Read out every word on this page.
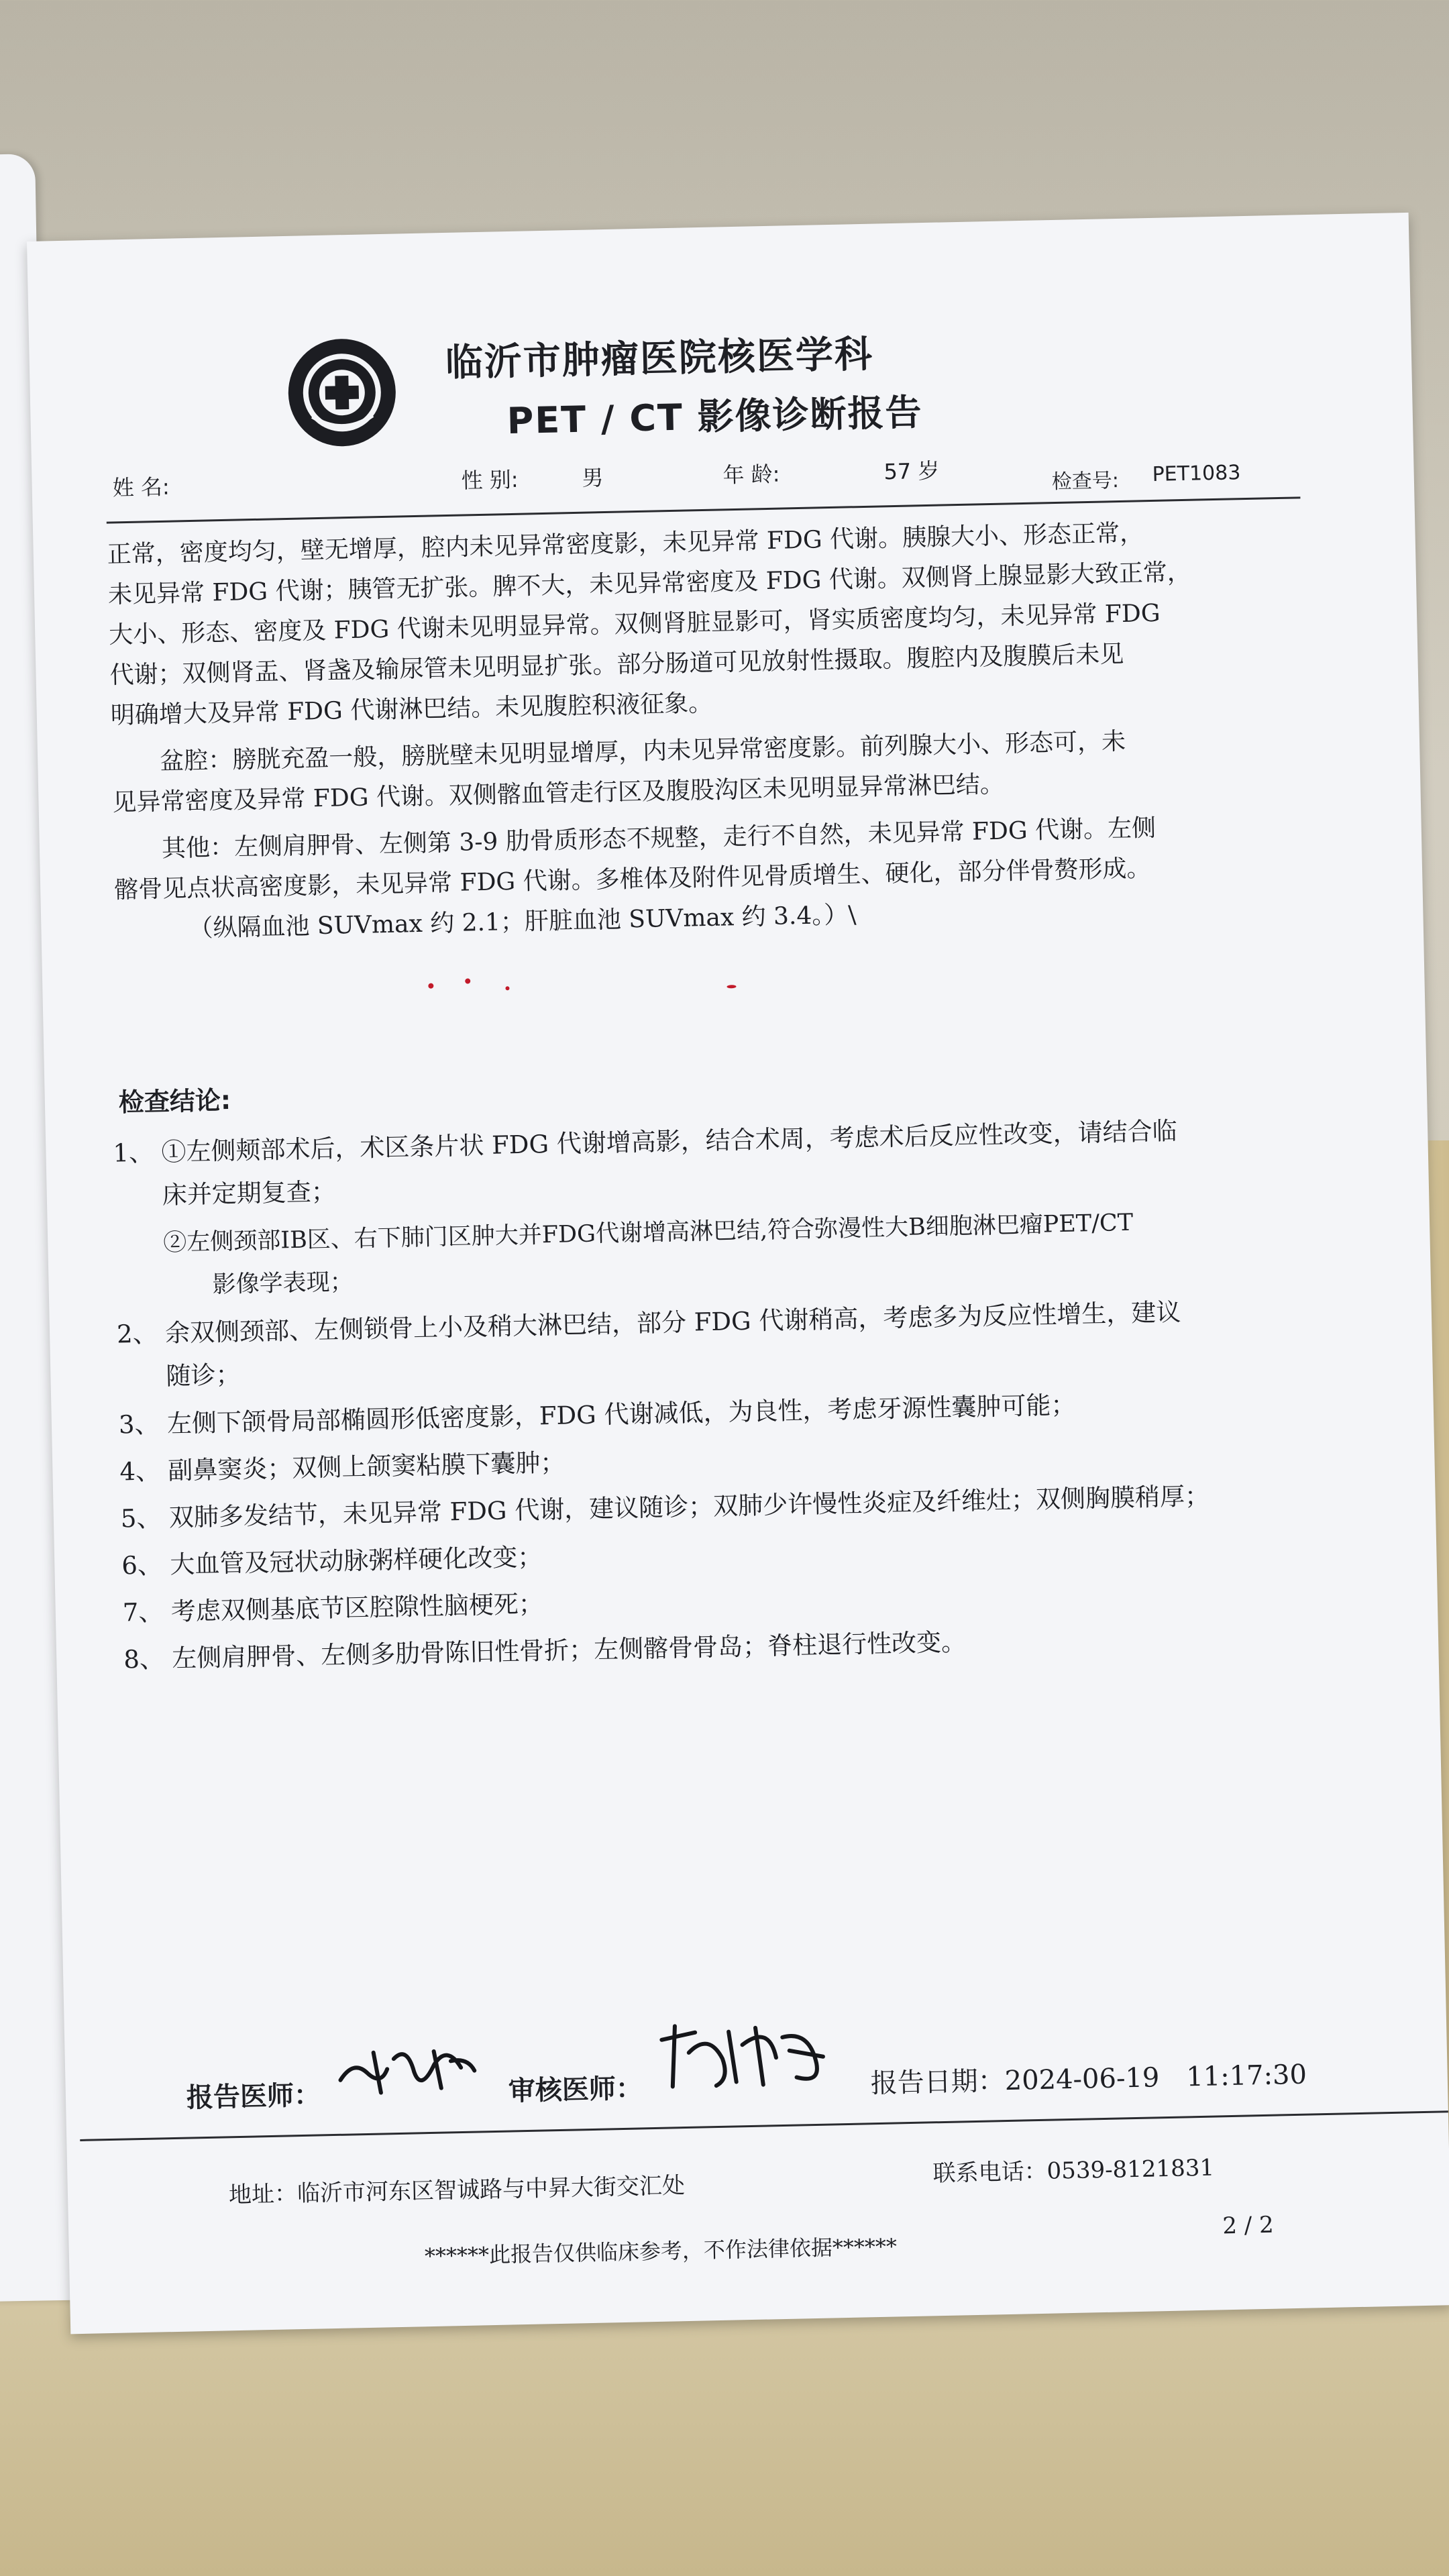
临沂市肿瘤医院核医学科
PET / CT 影像诊断报告
姓 名:	性 别:	男	年 龄:	57 岁	检查号: PET1083
正常，密度均匀，壁无增厚，腔内未见异常密度影，未见异常 FDG 代谢。胰腺大小、形态正常，
未见异常 FDG 代谢；胰管无扩张。脾不大，未见异常密度及 FDG 代谢。双侧肾上腺显影大致正常，
大小、形态、密度及 FDG 代谢未见明显异常。双侧肾脏显影可，肾实质密度均匀，未见异常 FDG
代谢；双侧肾盂、肾盏及输尿管未见明显扩张。部分肠道可见放射性摄取。腹腔内及腹膜后未见
明确增大及异常 FDG 代谢淋巴结。未见腹腔积液征象。
盆腔：膀胱充盈一般，膀胱壁未见明显增厚，内未见异常密度影。前列腺大小、形态可，未
见异常密度及异常 FDG 代谢。双侧髂血管走行区及腹股沟区未见明显异常淋巴结。
其他：左侧肩胛骨、左侧第 3-9 肋骨质形态不规整，走行不自然，未见异常 FDG 代谢。左侧
髂骨见点状高密度影，未见异常 FDG 代谢。多椎体及附件见骨质增生、硬化，部分伴骨赘形成。
（纵隔血池 SUVmax 约 2.1；肝脏血池 SUVmax 约 3.4。）\
检查结论:
1、 ①左侧颊部术后，术区条片状 FDG 代谢增高影，结合术周，考虑术后反应性改变，请结合临
床并定期复查；
②左侧颈部ⅠB区、右下肺门区肿大并FDG代谢增高淋巴结,符合弥漫性大B细胞淋巴瘤PET/CT
影像学表现；
2、 余双侧颈部、左侧锁骨上小及稍大淋巴结，部分 FDG 代谢稍高，考虑多为反应性增生，建议
随诊；
3、 左侧下颌骨局部椭圆形低密度影，FDG 代谢减低，为良性，考虑牙源性囊肿可能；
4、 副鼻窦炎；双侧上颌窦粘膜下囊肿；
5、 双肺多发结节，未见异常 FDG 代谢，建议随诊；双肺少许慢性炎症及纤维灶；双侧胸膜稍厚；
6、 大血管及冠状动脉粥样硬化改变；
7、 考虑双侧基底节区腔隙性脑梗死；
8、 左侧肩胛骨、左侧多肋骨陈旧性骨折；左侧髂骨骨岛；脊柱退行性改变。
报告医师：	审核医师：	报告日期：2024-06-19 11:17:30
地址：临沂市河东区智诚路与中昇大街交汇处
联系电话：0539-8121831
******此报告仅供临床参考，不作法律依据******
2 / 2
